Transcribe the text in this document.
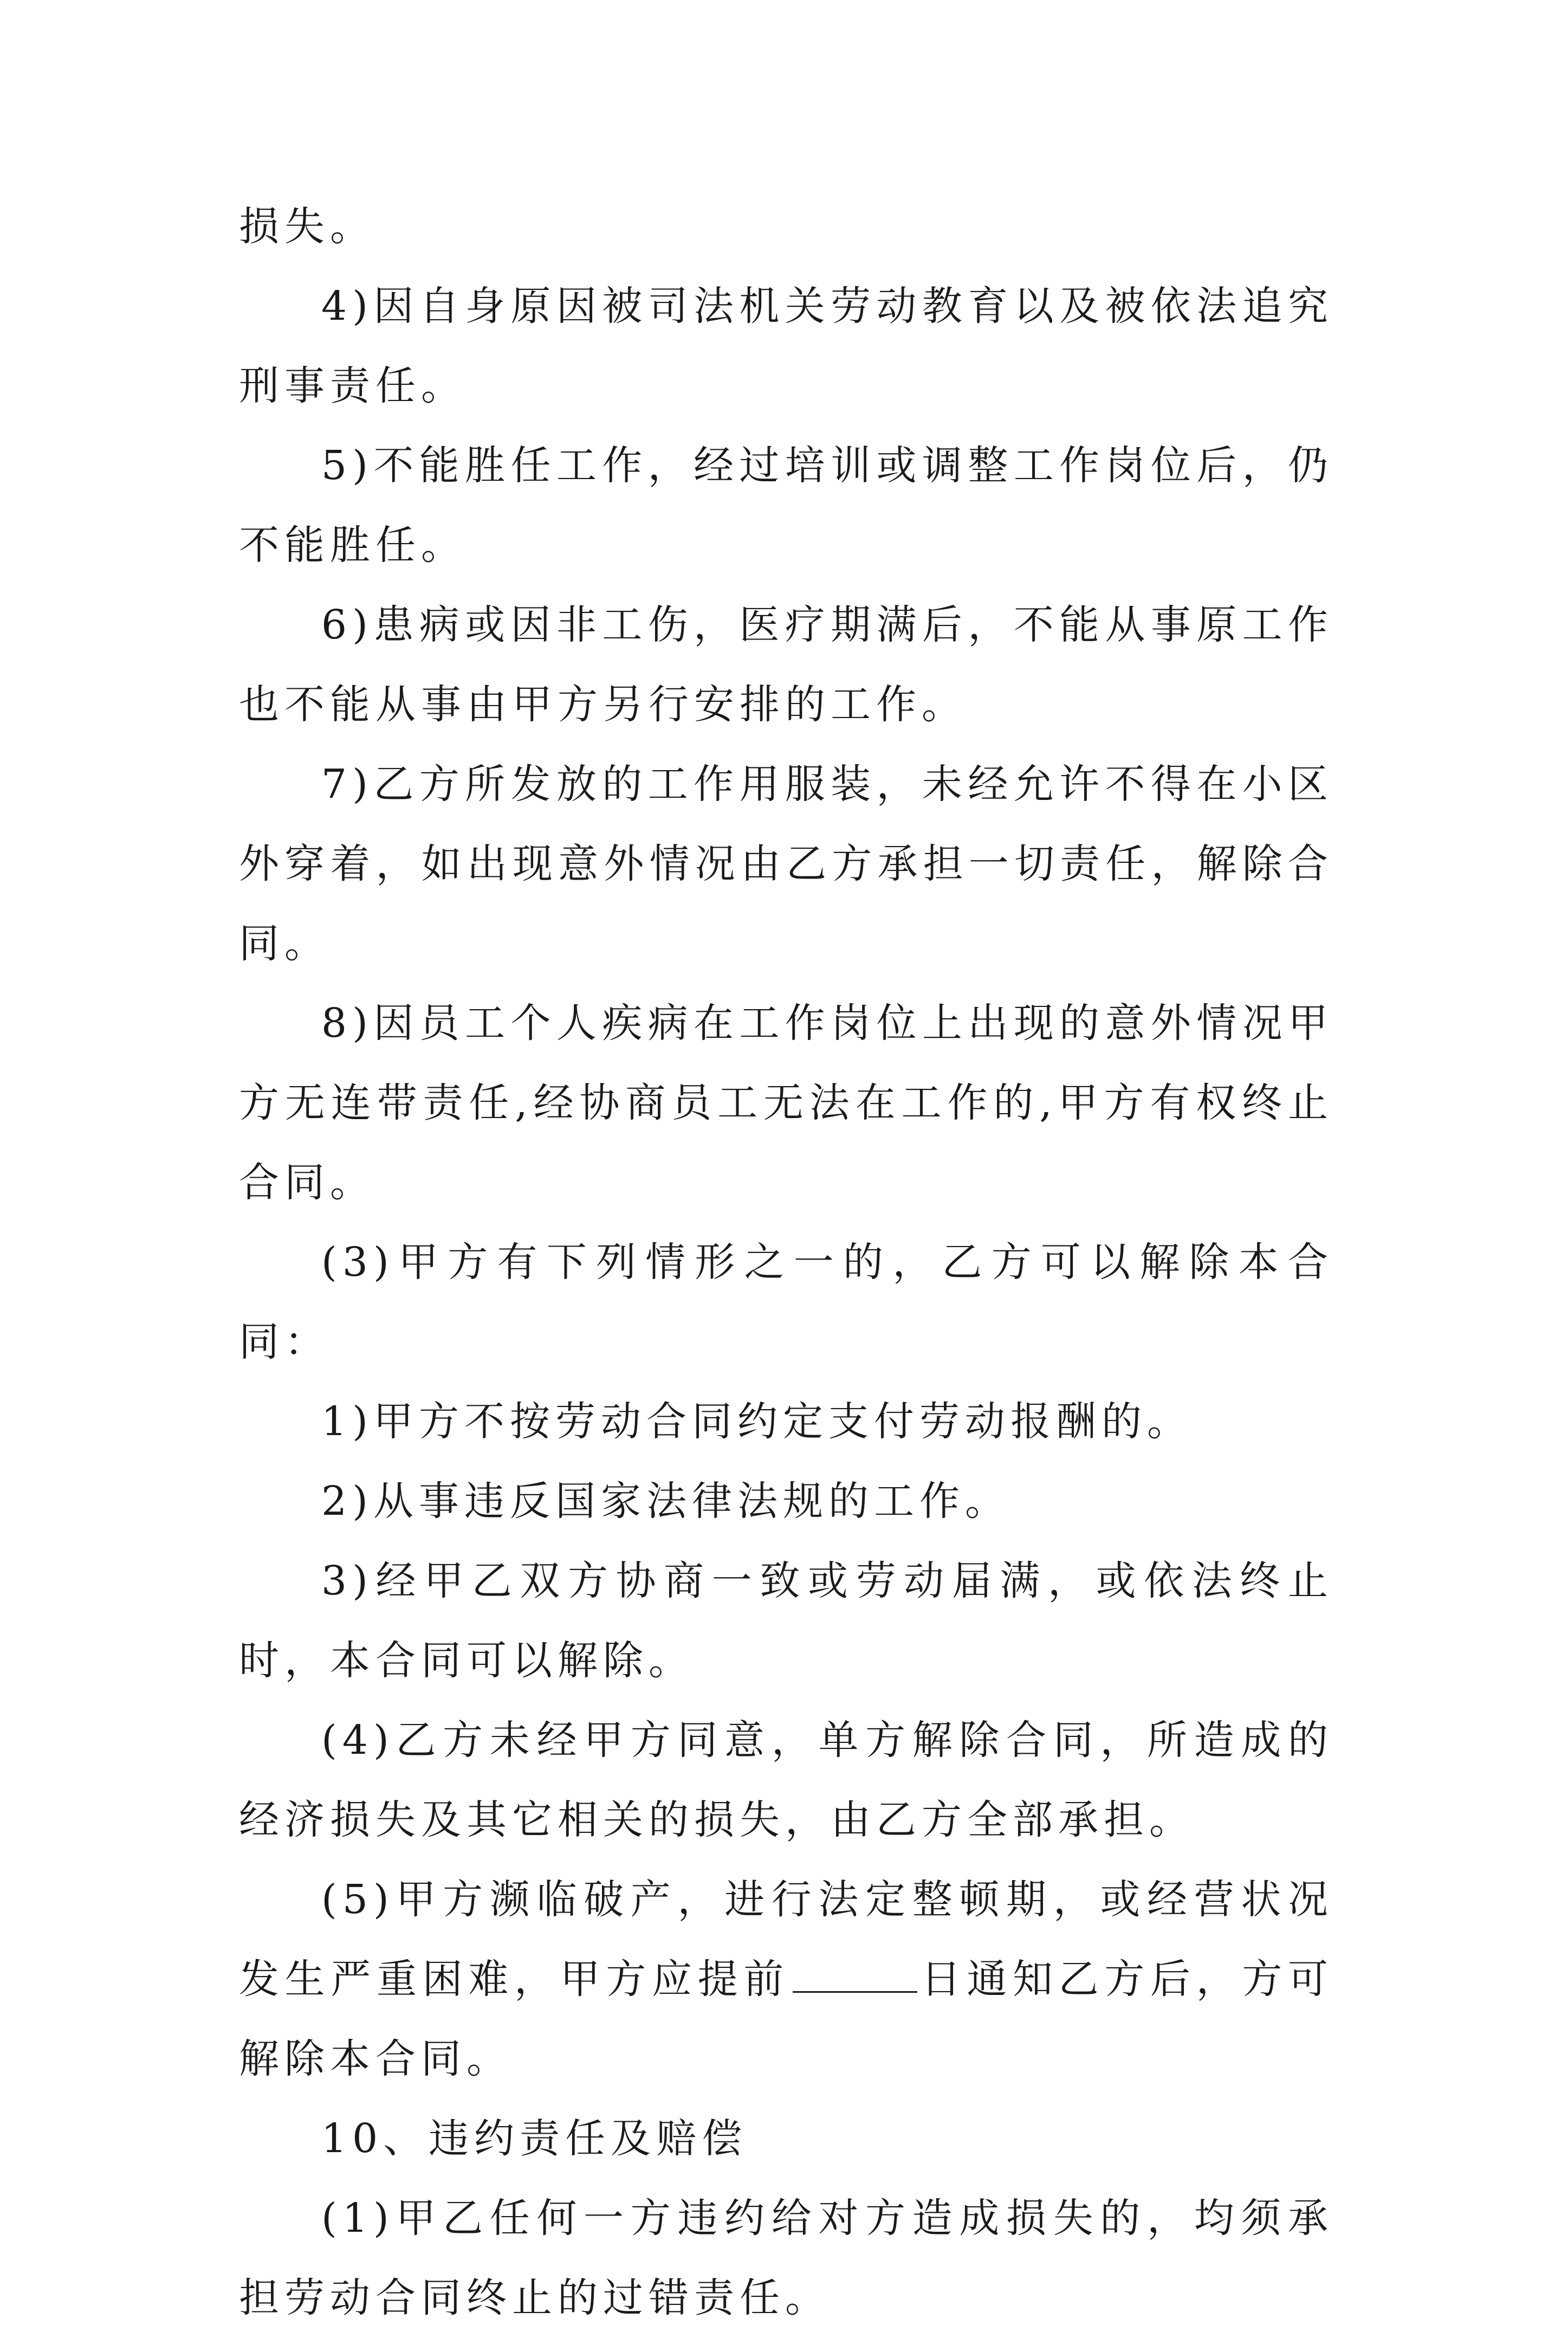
损失。

4)因自身原因被司法机关劳动教育以及被依法追究刑事责任。

5)不能胜任工作，经过培训或调整工作岗位后，仍不能胜任。

6)患病或因非工伤，医疗期满后，不能从事原工作也不能从事由甲方另行安排的工作。

7)乙方所发放的工作用服装，未经允许不得在小区外穿着，如出现意外情况由乙方承担一切责任，解除合同。

8)因员工个人疾病在工作岗位上出现的意外情况甲方无连带责任,经协商员工无法在工作的,甲方有权终止合同。

(3)甲方有下列情形之一的，乙方可以解除本合同：

1)甲方不按劳动合同约定支付劳动报酬的。

2)从事违反国家法律法规的工作。

3)经甲乙双方协商一致或劳动届满，或依法终止时，本合同可以解除。

(4)乙方未经甲方同意，单方解除合同，所造成的经济损失及其它相关的损失，由乙方全部承担。

(5)甲方濒临破产，进行法定整顿期，或经营状况发生严重困难，甲方应提前	日通知乙方后，方可解除本合同。

10、违约责任及赔偿

(1)甲乙任何一方违约给对方造成损失的，均须承担劳动合同终止的过错责任。
